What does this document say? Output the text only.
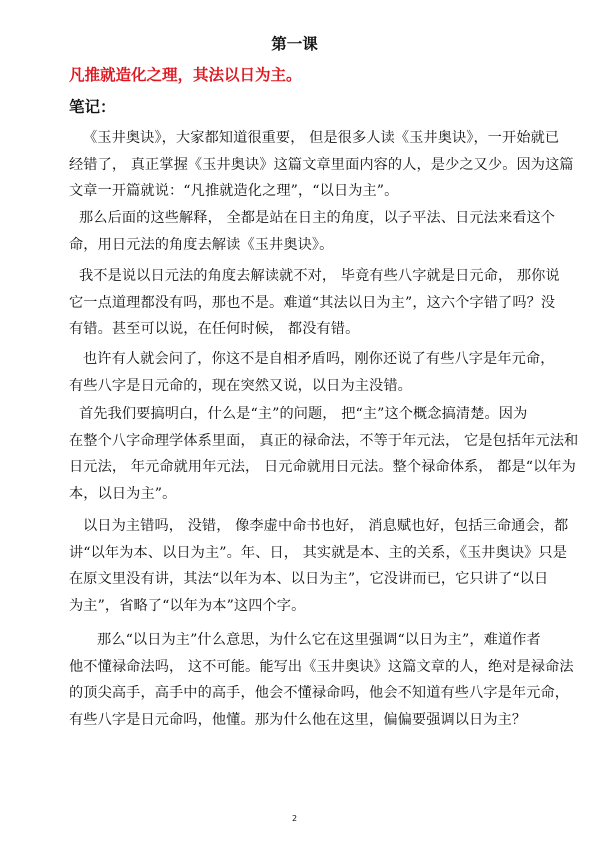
第一课
凡推就造化之理，其法以日为主。
笔记：
《玉井奥诀》，大家都知道很重要， 但是很多人读《玉井奥诀》，一开始就已
经错了， 真正掌握《玉井奥诀》这篇文章里面内容的人，是少之又少。因为这篇
文章一开篇就说：“凡推就造化之理”，“以日为主”。
那么后面的这些解释， 全都是站在日主的角度，以子平法、日元法来看这个
命，用日元法的角度去解读《玉井奥诀》。
我不是说以日元法的角度去解读就不对， 毕竟有些八字就是日元命， 那你说
它一点道理都没有吗，那也不是。难道“其法以日为主”，这六个字错了吗？没
有错。甚至可以说，在任何时候， 都没有错。
也许有人就会问了，你这不是自相矛盾吗，刚你还说了有些八字是年元命，
有些八字是日元命的，现在突然又说，以日为主没错。
首先我们要搞明白，什么是“主”的问题， 把“主”这个概念搞清楚。因为
在整个八字命理学体系里面， 真正的禄命法，不等于年元法， 它是包括年元法和
日元法， 年元命就用年元法， 日元命就用日元法。整个禄命体系， 都是“以年为
本，以日为主”。
以日为主错吗， 没错， 像李虚中命书也好， 消息赋也好，包括三命通会，都
讲“以年为本、以日为主”。年、日， 其实就是本、主的关系，《玉井奥诀》只是
在原文里没有讲，其法“以年为本、以日为主”，它没讲而已，它只讲了“以日
为主”，省略了“以年为本”这四个字。
那么“以日为主”什么意思，为什么它在这里强调“以日为主”，难道作者
他不懂禄命法吗， 这不可能。能写出《玉井奥诀》这篇文章的人，绝对是禄命法
的顶尖高手，高手中的高手，他会不懂禄命吗，他会不知道有些八字是年元命，
有些八字是日元命吗，他懂。那为什么他在这里，偏偏要强调以日为主？
2
